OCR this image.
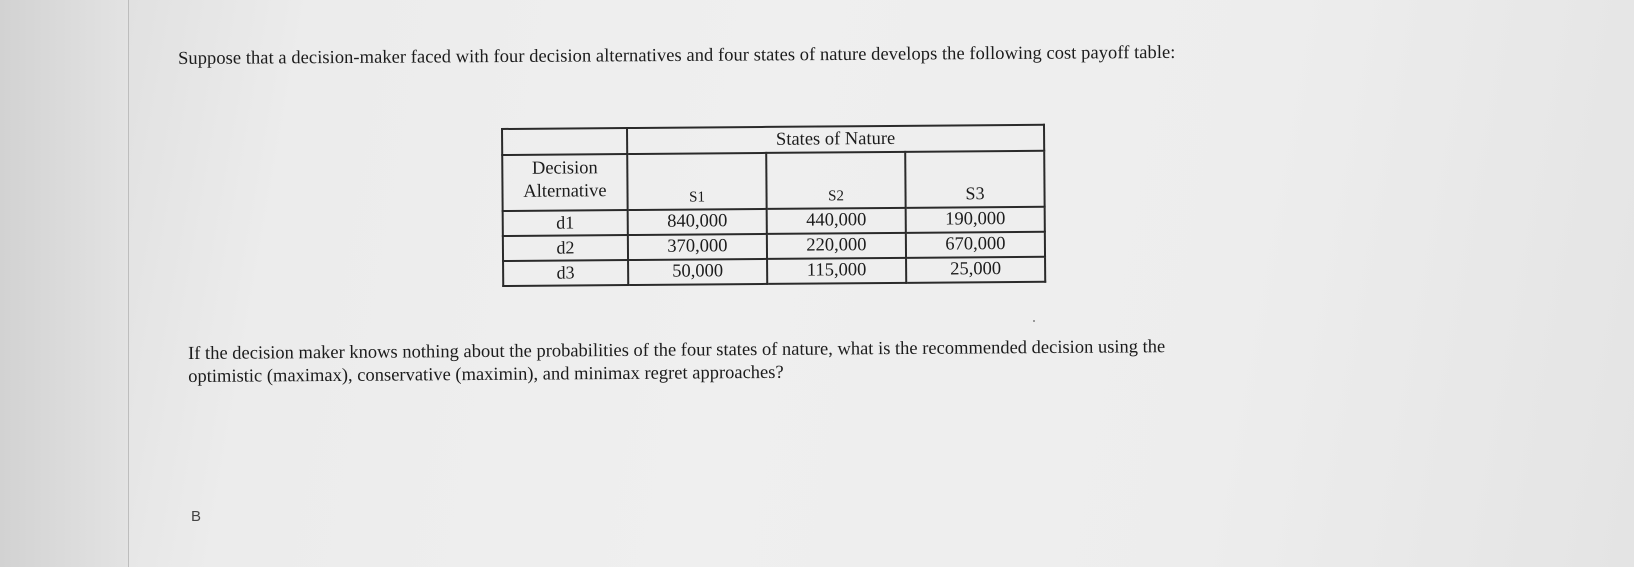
Suppose that a decision-maker faced with four decision alternatives and four states of nature develops the following cost payoff table:
	States of Nature		
Decision
Alternative	S1	S2	S3
d1	840,000	440,000	190,000
d2	370,000	220,000	670,000
d3	50,000	115,000	25,000
If the decision maker knows nothing about the probabilities of the four states of nature, what is the recommended decision using the
optimistic (maximax), conservative (maximin), and minimax regret approaches?
B
